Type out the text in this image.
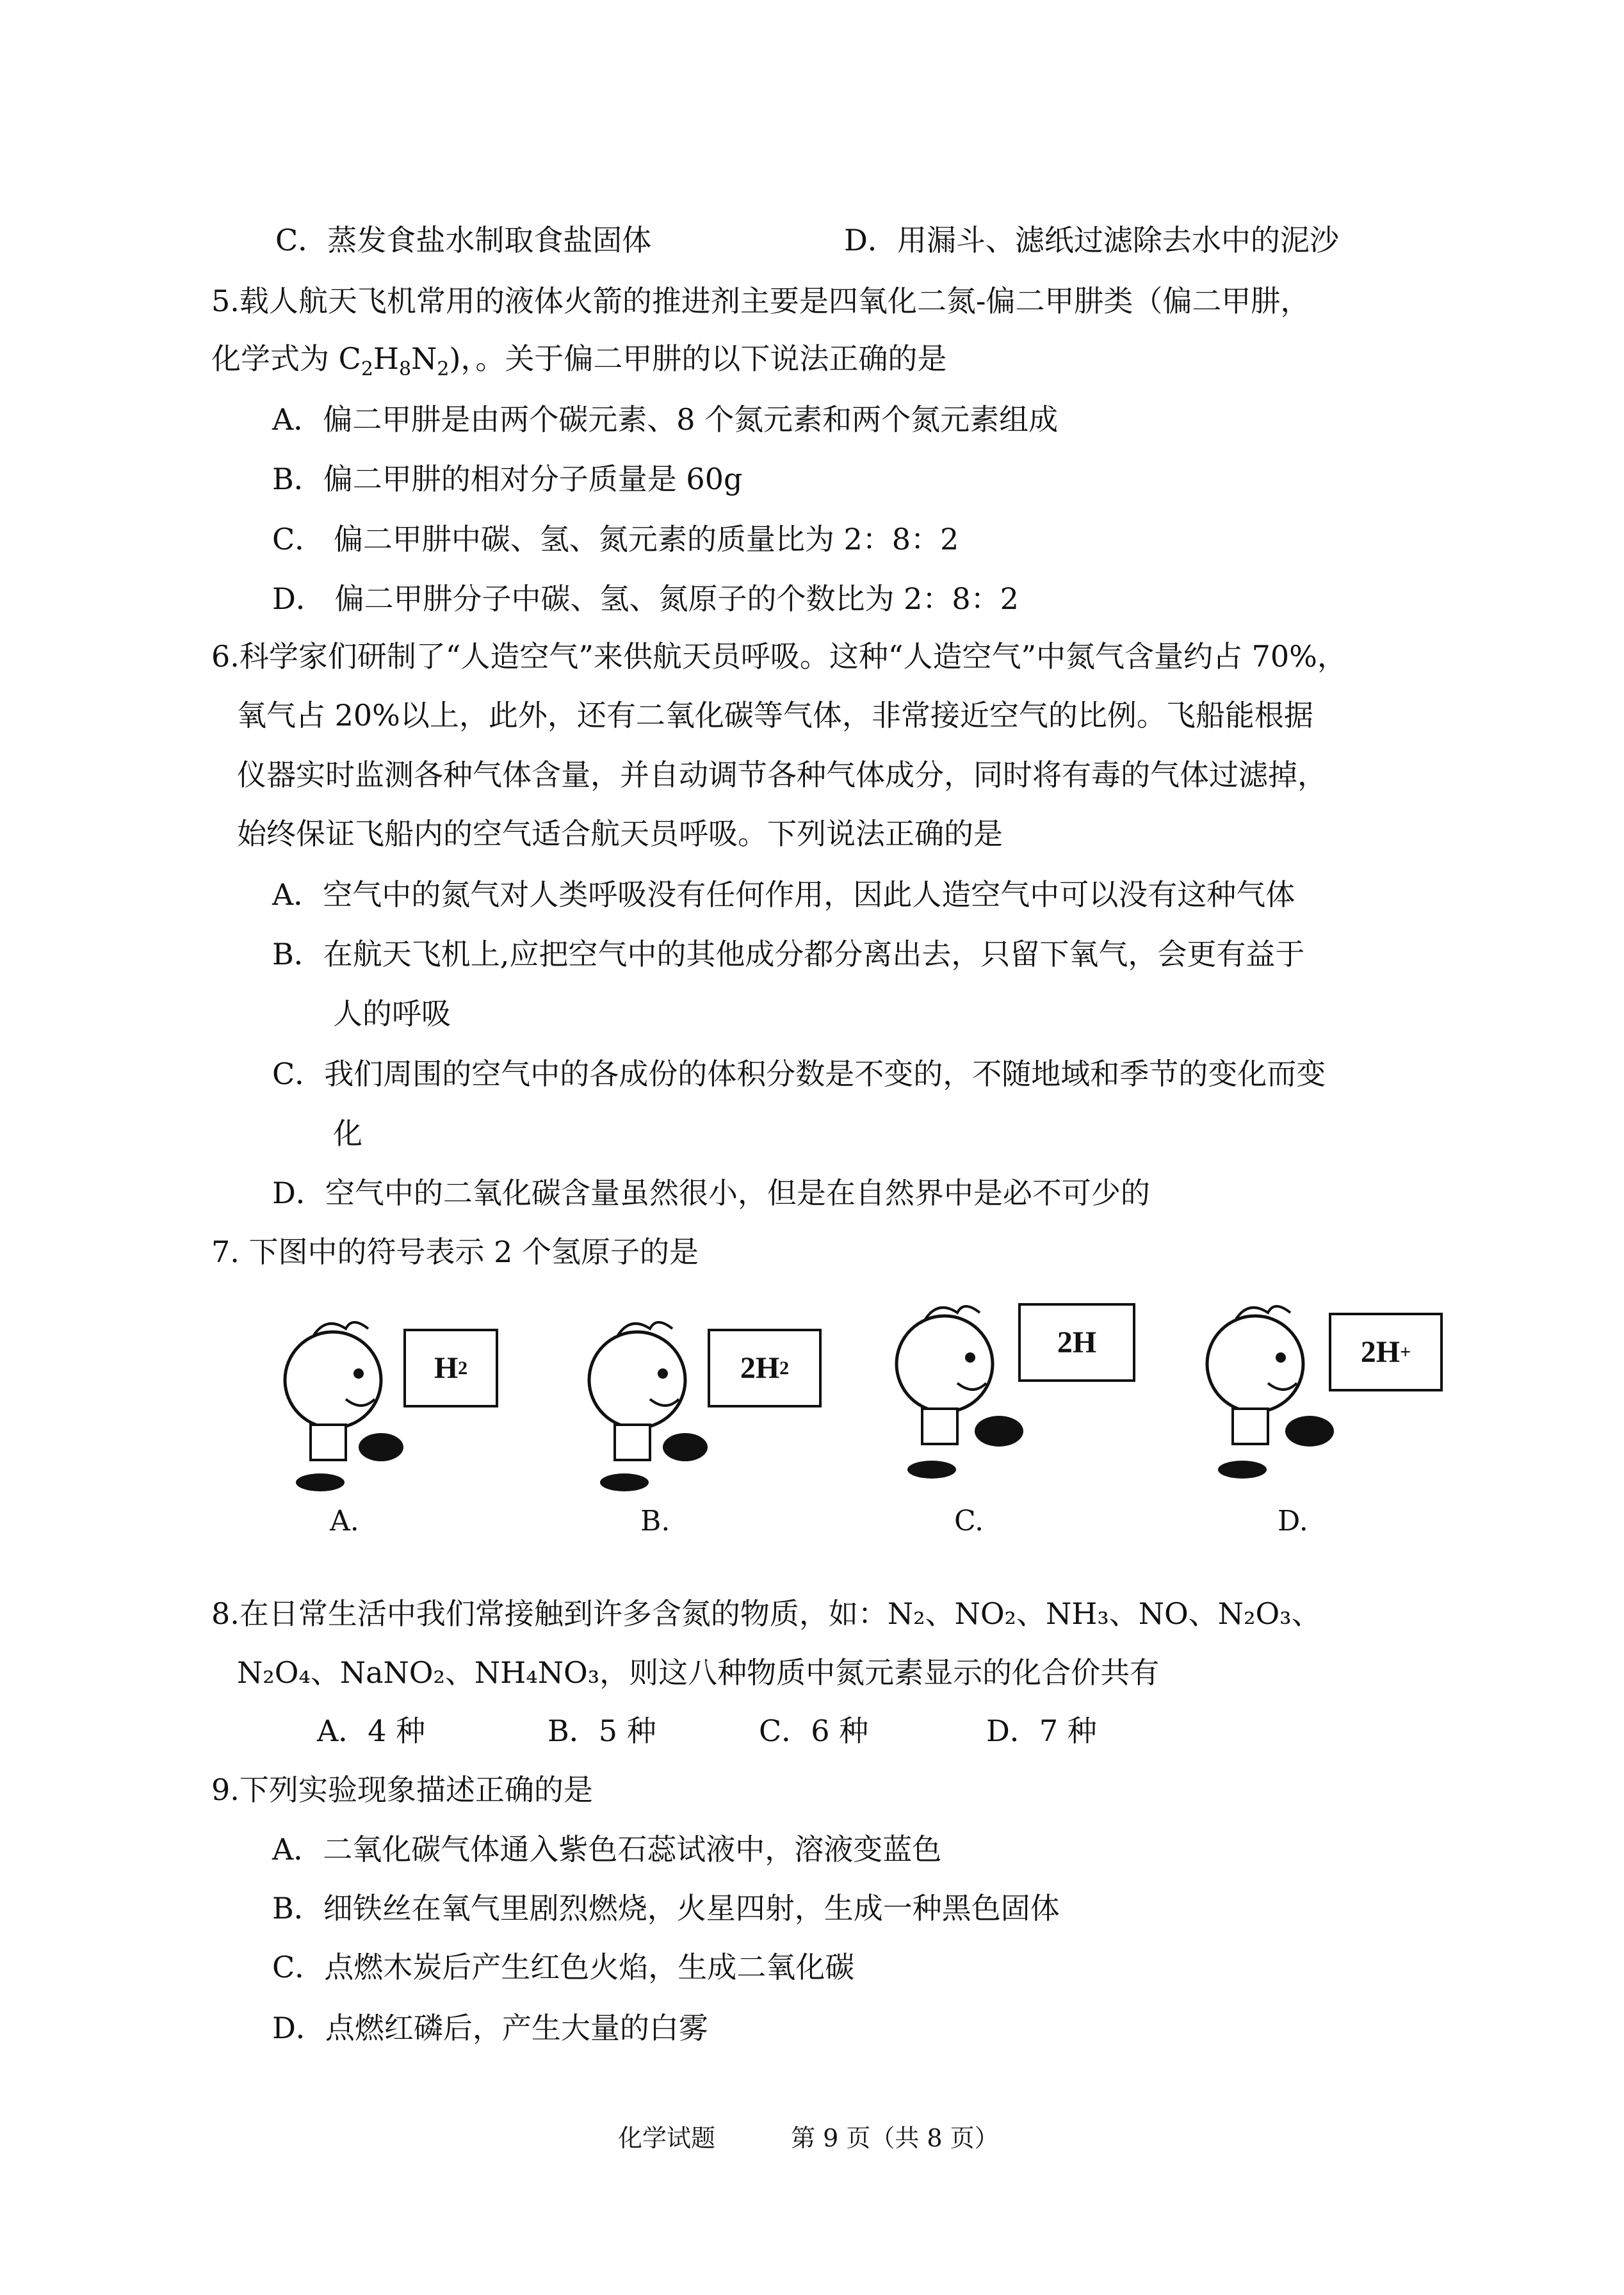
C．蒸发食盐水制取食盐固体	D．用漏斗、滤纸过滤除去水中的泥沙
5.载人航天飞机常用的液体火箭的推进剂主要是四氧化二氮-偏二甲肼类（偏二甲肼，
化学式为 $C_2H_8N_2$)，。关于偏二甲肼的以下说法正确的是
A．偏二甲肼是由两个碳元素、8 个氮元素和两个氮元素组成
B．偏二甲肼的相对分子质量是 60g
C． 偏二甲肼中碳、氢、氮元素的质量比为 2：8：2
D． 偏二甲肼分子中碳、氢、氮原子的个数比为 2：8：2
6.科学家们研制了“人造空气”来供航天员呼吸。这种“人造空气”中氮气含量约占 70%，
氧气占 20%以上，此外，还有二氧化碳等气体，非常接近空气的比例。飞船能根据
仪器实时监测各种气体含量，并自动调节各种气体成分，同时将有毒的气体过滤掉，
始终保证飞船内的空气适合航天员呼吸。下列说法正确的是
A．空气中的氮气对人类呼吸没有任何作用，因此人造空气中可以没有这种气体
B．在航天飞机上,应把空气中的其他成分都分离出去，只留下氧气，会更有益于
人的呼吸
C．我们周围的空气中的各成份的体积分数是不变的，不随地域和季节的变化而变
化
D．空气中的二氧化碳含量虽然很小，但是在自然界中是必不可少的
7. 下图中的符号表示 2 个氢原子的是
H 2
A.
2H 2
B.
2H
C.
2H +
D.
8.在日常生活中我们常接触到许多含氮的物质，如：N₂、NO₂、NH₃、NO、N₂O₃、
N₂O₄、NaNO₂、NH₄NO₃，则这八种物质中氮元素显示的化合价共有
A．4 种	B．5 种	C．6 种	D．7 种
9.下列实验现象描述正确的是
A．二氧化碳气体通入紫色石蕊试液中，溶液变蓝色
B．细铁丝在氧气里剧烈燃烧，火星四射，生成一种黑色固体
C．点燃木炭后产生红色火焰，生成二氧化碳
D．点燃红磷后，产生大量的白雾
化学试题	第 9 页（共 8 页）
